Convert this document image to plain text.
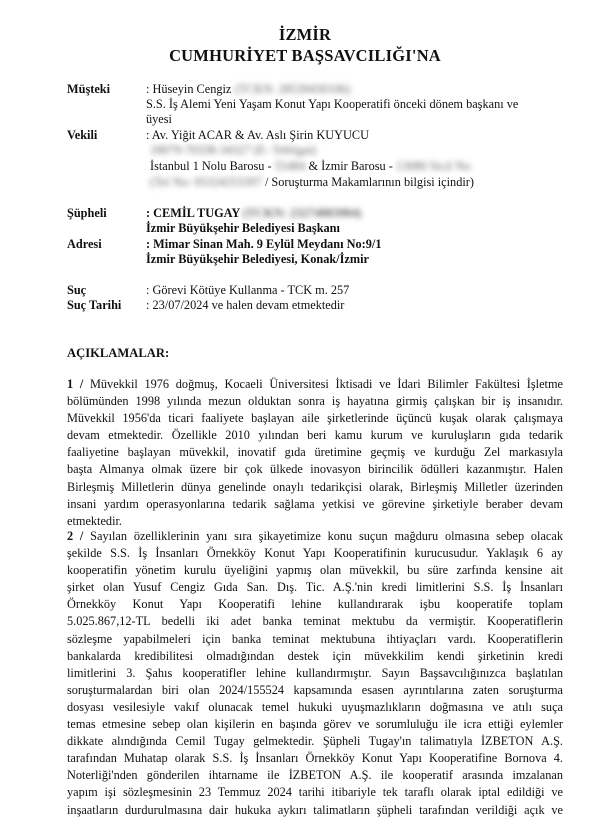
İZMİR
CUMHURİYET BAŞSAVCILIĞI'NA
Müşteki	: Hüseyin Cengiz (TCKN: 28539430106)
S.S. İş Alemi Yeni Yaşam Konut Yapı Kooperatifi önceki dönem başkanı ve
üyesi
Vekili	: Av. Yiğit ACAR & Av. Aslı Şirin KUYUCU
18079-70338-34327 (E- Tebligat)
İstanbul 1 Nolu Barosu - 55484 & İzmir Barosu - 13080 Sicil No
(Tel No: 05324253397 / Soruşturma Makamlarının bilgisi içindir)
Şüpheli	: CEMİL TUGAY (TCKN: 23274883984)
İzmir Büyükşehir Belediyesi Başkanı
Adresi	: Mimar Sinan Mah. 9 Eylül Meydanı No:9/1
İzmir Büyükşehir Belediyesi, Konak/İzmir
Suç	: Görevi Kötüye Kullanma - TCK m. 257
Suç Tarihi : 23/07/2024 ve halen devam etmektedir
AÇIKLAMALAR:
1 / Müvekkil 1976 doğmuş, Kocaeli Üniversitesi İktisadi ve İdari Bilimler Fakültesi İşletme
bölümünden 1998 yılında mezun olduktan sonra iş hayatına girmiş çalışkan bir iş insanıdır.
Müvekkil 1956'da ticari faaliyete başlayan aile şirketlerinde üçüncü kuşak olarak çalışmaya
devam etmektedir. Özellikle 2010 yılından beri kamu kurum ve kuruluşların gıda tedarik
faaliyetine başlayan müvekkil, inovatif gıda üretimine geçmiş ve kurduğu Zel markasıyla
başta Almanya olmak üzere bir çok ülkede inovasyon birincilik ödülleri kazanmıştır. Halen
Birleşmiş Milletlerin dünya genelinde onaylı tedarikçisi olarak, Birleşmiş Milletler üzerinden
insani yardım operasyonlarına tedarik sağlama yetkisi ve görevine şirketiyle beraber devam
etmektedir.
2 / Sayılan özelliklerinin yanı sıra şikayetimize konu suçun mağduru olmasına sebep olacak
şekilde S.S. İş İnsanları Örnekköy Konut Yapı Kooperatifinin kurucusudur. Yaklaşık 6 ay
kooperatifin yönetim kurulu üyeliğini yapmış olan müvekkil, bu süre zarfında kensine ait
şirket olan Yusuf Cengiz Gıda San. Dış. Tic. A.Ş.'nin kredi limitlerini S.S. İş İnsanları
Örnekköy Konut Yapı Kooperatifi lehine kullandırarak işbu kooperatife toplam
5.025.867,12-TL bedelli iki adet banka teminat mektubu da vermiştir. Kooperatiflerin
sözleşme yapabilmeleri için banka teminat mektubuna ihtiyaçları vardı. Kooperatiflerin
bankalarda kredibilitesi olmadığından destek için müvekkilim kendi şirketinin kredi
limitlerini 3. Şahıs kooperatifler lehine kullandırmıştır. Sayın Başsavcılığınızca başlatılan
soruşturmalardan biri olan 2024/155524 kapsamında esasen ayrıntılarına zaten soruşturma
dosyası vesilesiyle vakıf olunacak temel hukuki uyuşmazlıkların doğmasına ve atılı suça
temas etmesine sebep olan kişilerin en başında görev ve sorumluluğu ile icra ettiği eylemler
dikkate alındığında Cemil Tugay gelmektedir. Şüpheli Tugay'ın talimatıyla İZBETON A.Ş.
tarafından Muhatap olarak S.S. İş İnsanları Örnekköy Konut Yapı Kooperatifine Bornova 4.
Noterliği'nden gönderilen ihtarname ile İZBETON A.Ş. ile kooperatif arasında imzalanan
yapım işi sözleşmesinin 23 Temmuz 2024 tarihi itibariyle tek taraflı olarak iptal edildiği ve
inşaatların durdurulmasına dair hukuka aykırı talimatların şüpheli tarafından verildiği açık ve
